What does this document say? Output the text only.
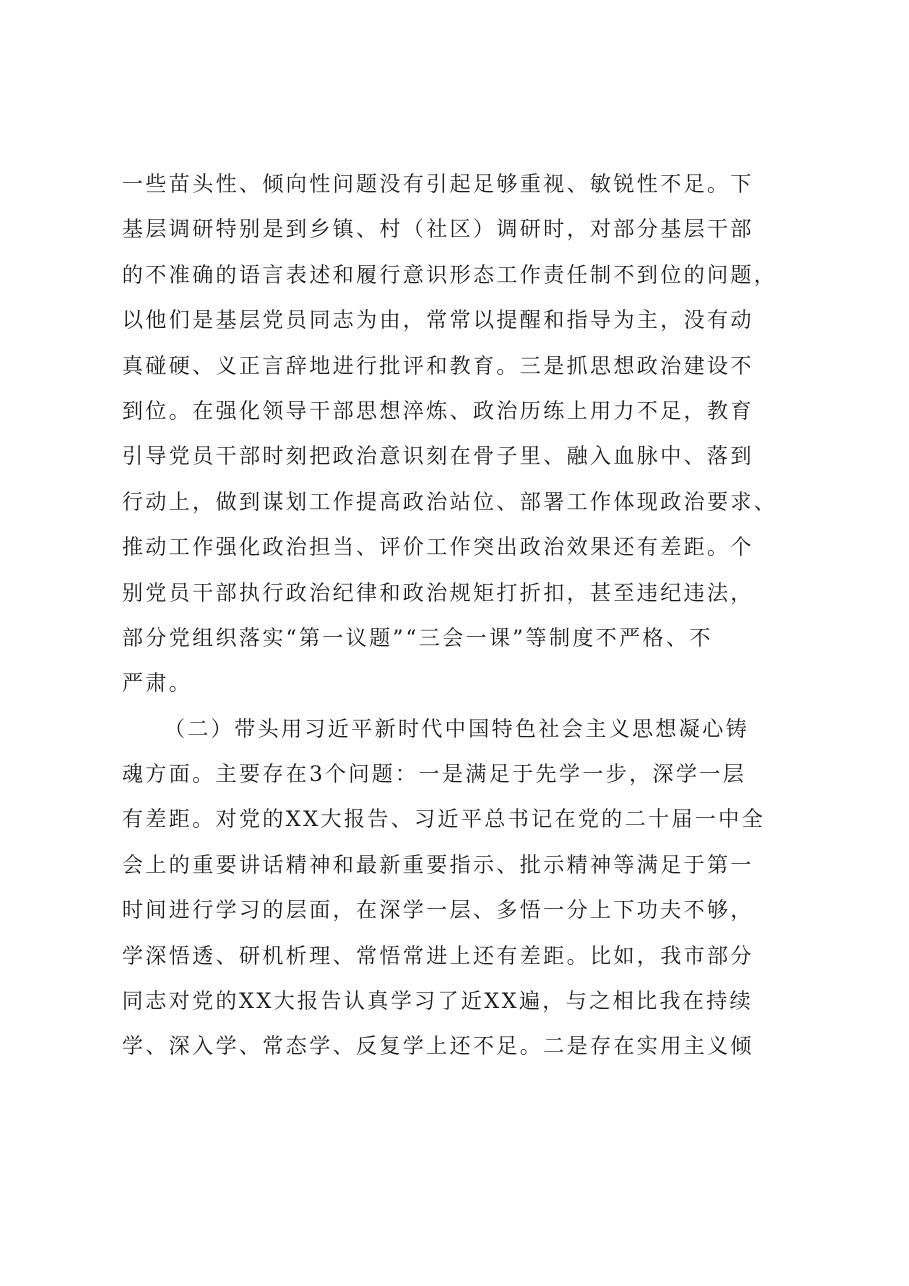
一些苗头性、倾向性问题没有引起足够重视、敏锐性不足。下
基层调研特别是到乡镇、村（社区）调研时，对部分基层干部
的不准确的语言表述和履行意识形态工作责任制不到位的问题，
以他们是基层党员同志为由，常常以提醒和指导为主，没有动
真碰硬、义正言辞地进行批评和教育。三是抓思想政治建设不
到位。在强化领导干部思想淬炼、政治历练上用力不足，教育
引导党员干部时刻把政治意识刻在骨子里、融入血脉中、落到
行动上，做到谋划工作提高政治站位、部署工作体现政治要求、
推动工作强化政治担当、评价工作突出政治效果还有差距。个
别党员干部执行政治纪律和政治规矩打折扣，甚至违纪违法，
部分党组织落实“第一议题”“三会一课”等制度不严格、不
严肃。
（二）带头用习近平新时代中国特色社会主义思想凝心铸
魂方面。主要存在3个问题：一是满足于先学一步，深学一层
有差距。对党的XX大报告、习近平总书记在党的二十届一中全
会上的重要讲话精神和最新重要指示、批示精神等满足于第一
时间进行学习的层面，在深学一层、多悟一分上下功夫不够，
学深悟透、研机析理、常悟常进上还有差距。比如，我市部分
同志对党的XX大报告认真学习了近XX遍，与之相比我在持续
学、深入学、常态学、反复学上还不足。二是存在实用主义倾
